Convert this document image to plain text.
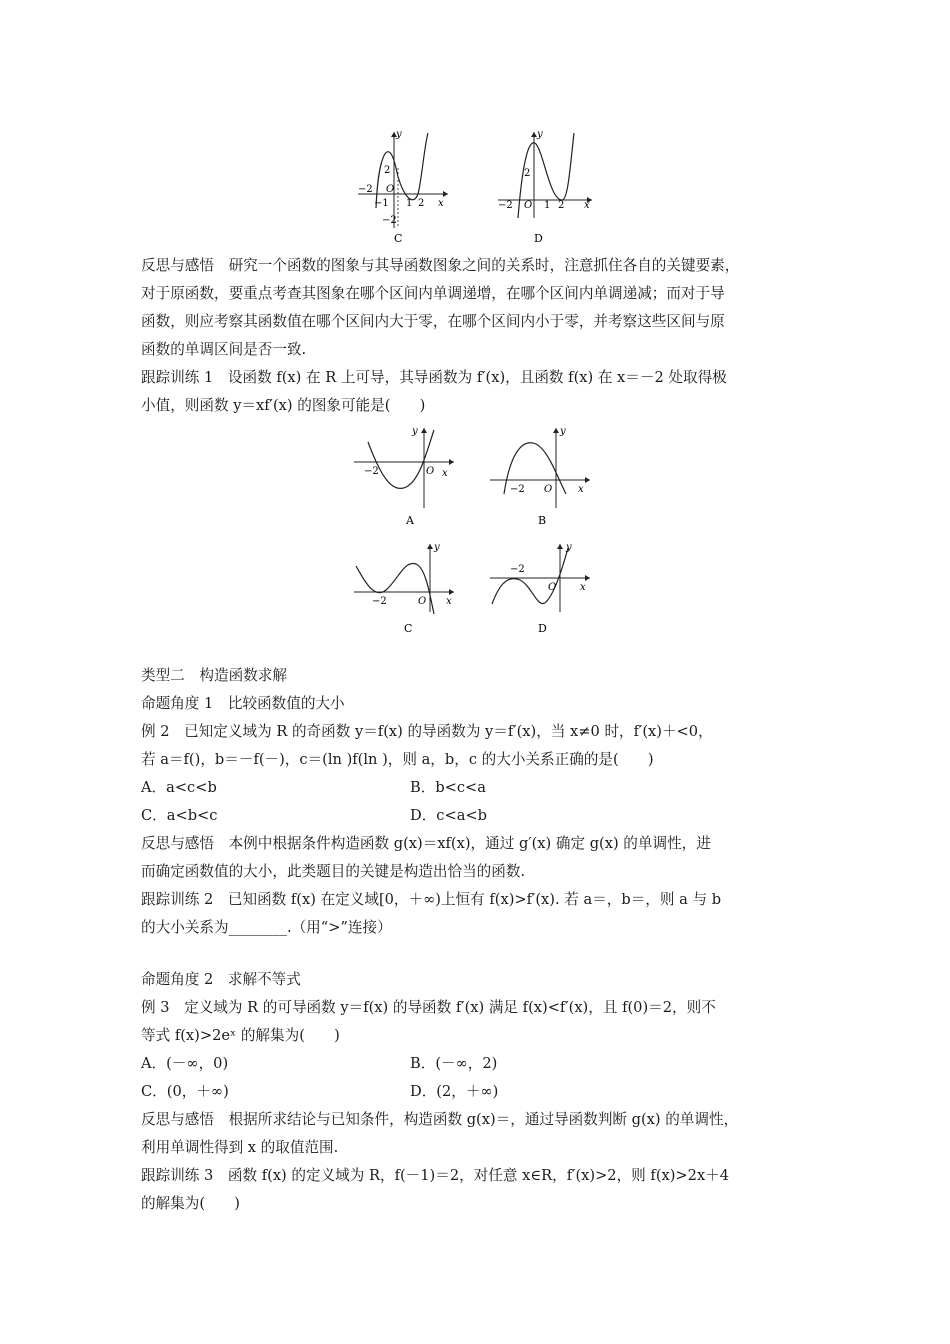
y
x
O
2
−2
−1 1 2
−2
C
y
x
O
2
−2	1 2
D
反思与感悟　研究一个函数的图象与其导函数图象之间的关系时，注意抓住各自的关键要素，
对于原函数，要重点考查其图象在哪个区间内单调递增，在哪个区间内单调递减；而对于导
函数，则应考察其函数值在哪个区间内大于零，在哪个区间内小于零，并考察这些区间与原
函数的单调区间是否一致.
跟踪训练 1　设函数 f(x) 在 R 上可导，其导函数为 f′(x)，且函数 f(x) 在 x＝－2 处取得极
小值，则函数 y＝xf′(x) 的图象可能是(　　)
y
x
O
−2
A
y
x
O
−2
B
y
x
O
−2
C
y
x
O
−2
D
类型二　构造函数求解
命题角度 1　比较函数值的大小
例 2　已知定义域为 R 的奇函数 y＝f(x) 的导函数为 y＝f′(x)，当 x≠0 时，f′(x)＋<0，
若 a＝f()，b＝－f(－)，c＝(ln )f(ln )，则 a，b，c 的大小关系正确的是(　　)
A．a<c<b	B．b<c<a
C．a<b<c	D．c<a<b
反思与感悟　本例中根据条件构造函数 g(x)＝xf(x)，通过 g′(x) 确定 g(x) 的单调性，进
而确定函数值的大小，此类题目的关键是构造出恰当的函数.
跟踪训练 2　已知函数 f(x) 在定义域[0，＋∞)上恒有 f(x)>f′(x). 若 a＝，b＝，则 a 与 b
的大小关系为________.（用“>”连接）
命题角度 2　求解不等式
例 3　定义域为 R 的可导函数 y＝f(x) 的导函数 f′(x) 满足 f(x)<f′(x)，且 f(0)＝2，则不
等式 f(x)>2eˣ 的解集为(　　)
A．(－∞，0)	B．(－∞，2)
C．(0，＋∞)	D．(2，＋∞)
反思与感悟　根据所求结论与已知条件，构造函数 g(x)＝，通过导函数判断 g(x) 的单调性，
利用单调性得到 x 的取值范围.
跟踪训练 3　函数 f(x) 的定义域为 R，f(－1)＝2，对任意 x∈R，f′(x)>2，则 f(x)>2x＋4
的解集为(　　)
